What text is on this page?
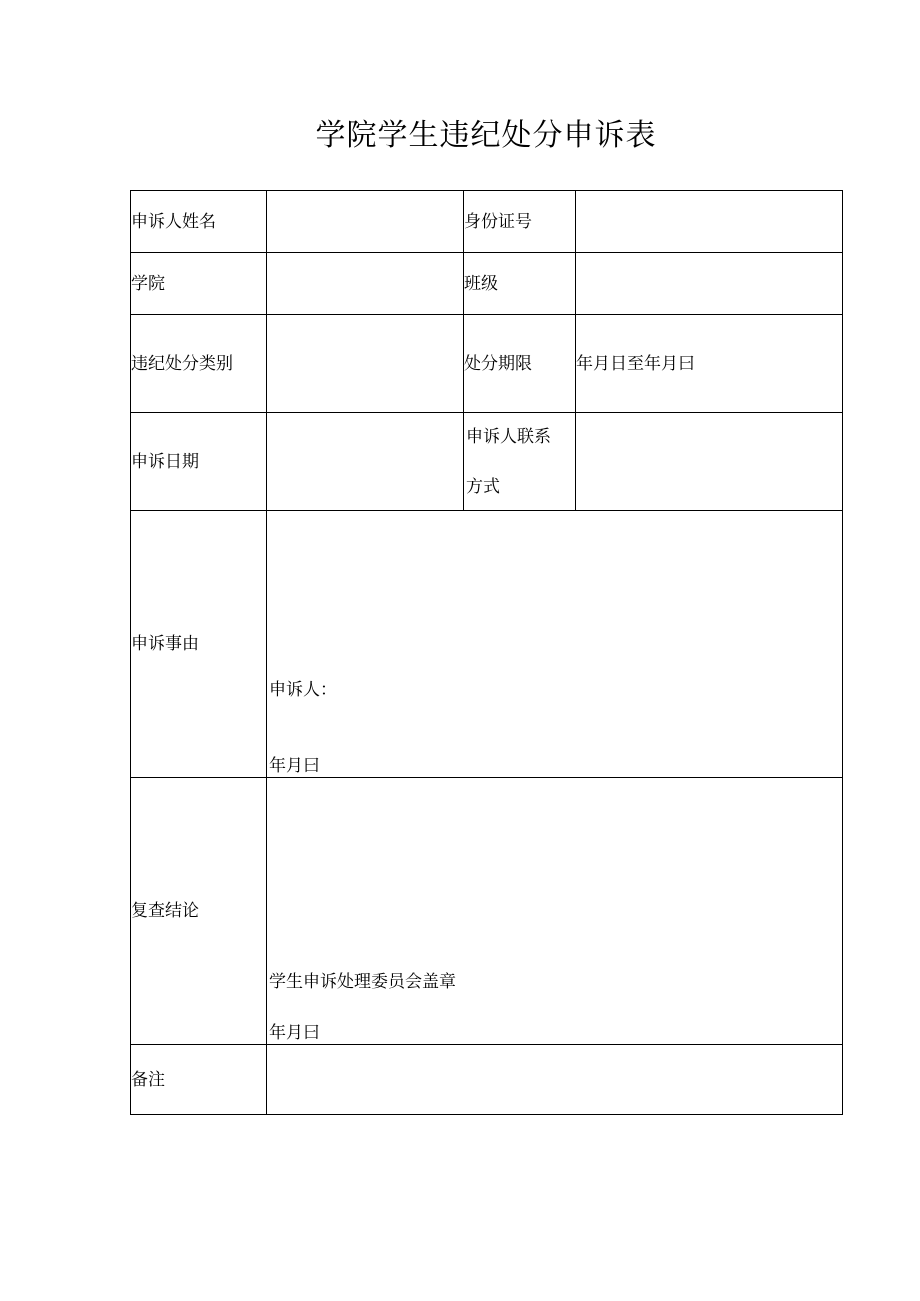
学院学生违纪处分申诉表
申诉人姓名		身份证号	
学院		班级	
违纪处分类别		处分期限	年月日至年月曰
申诉日期		申诉人联系
方式	

申诉事由	申诉人：
年月曰		

复查结论	学生申诉处理委员会盖章
年月曰		

备注			
